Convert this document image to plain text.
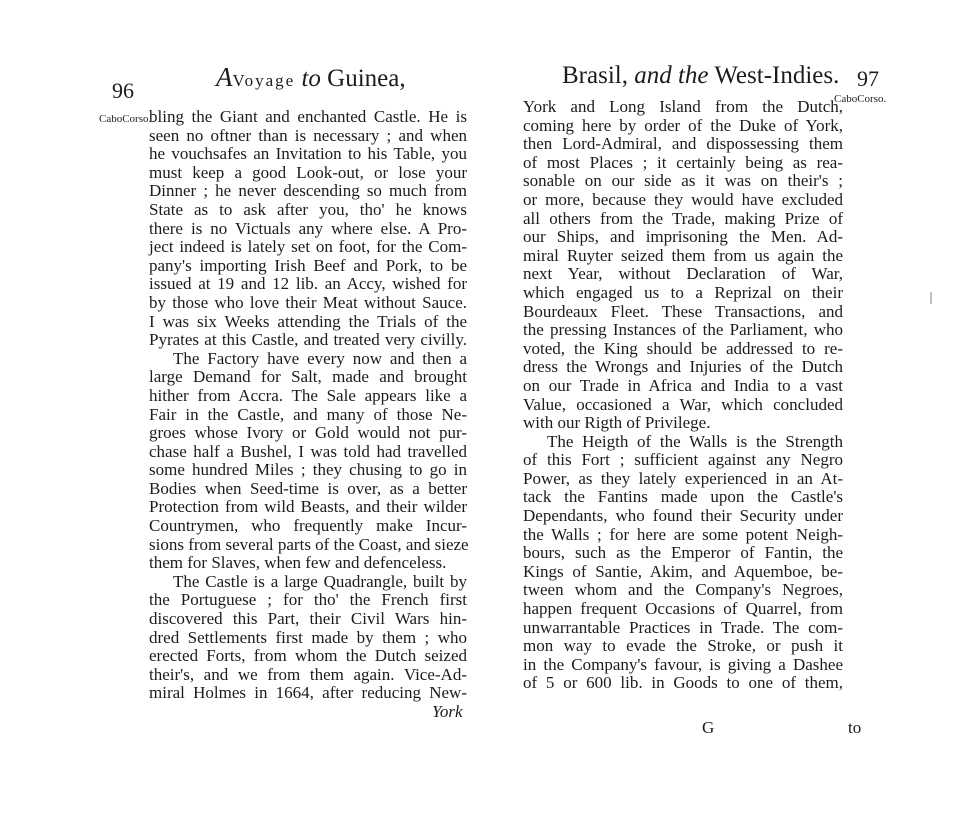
96	AVoyage to Guinea,
CaboCorso.
bling the Giant and enchanted Castle. He is
seen no oftner than is necessary ; and when
he vouchsafes an Invitation to his Table, you
must keep a good Look-out, or lose your
Dinner ; he never descending so much from
State as to ask after you, tho' he knows
there is no Victuals any where else. A Pro-
ject indeed is lately set on foot, for the Com-
pany's importing Irish Beef and Pork, to be
issued at 19 and 12 lib. an Accy, wished for
by those who love their Meat without Sauce.
I was six Weeks attending the Trials of the
Pyrates at this Castle, and treated very civilly.
The Factory have every now and then a
large Demand for Salt, made and brought
hither from Accra. The Sale appears like a
Fair in the Castle, and many of those Ne-
groes whose Ivory or Gold would not pur-
chase half a Bushel, I was told had travelled
some hundred Miles ; they chusing to go in
Bodies when Seed-time is over, as a better
Protection from wild Beasts, and their wilder
Countrymen, who frequently make Incur-
sions from several parts of the Coast, and sieze
them for Slaves, when few and defenceless.
The Castle is a large Quadrangle, built by
the Portuguese ; for tho' the French first
discovered this Part, their Civil Wars hin-
dred Settlements first made by them ; who
erected Forts, from whom the Dutch seized
their's, and we from them again. Vice-Ad-
miral Holmes in 1664, after reducing New-
York
Brasil, and the West-Indies. 97
CaboCorso.
York and Long Island from the Dutch,
coming here by order of the Duke of York,
then Lord-Admiral, and dispossessing them
of most Places ; it certainly being as rea-
sonable on our side as it was on their's ;
or more, because they would have excluded
all others from the Trade, making Prize of
our Ships, and imprisoning the Men. Ad-
miral Ruyter seized them from us again the
next Year, without Declaration of War,
which engaged us to a Reprizal on their
Bourdeaux Fleet. These Transactions, and
the pressing Instances of the Parliament, who
voted, the King should be addressed to re-
dress the Wrongs and Injuries of the Dutch
on our Trade in Africa and India to a vast
Value, occasioned a War, which concluded
with our Rigth of Privilege.
The Heigth of the Walls is the Strength
of this Fort ; sufficient against any Negro
Power, as they lately experienced in an At-
tack the Fantins made upon the Castle's
Dependants, who found their Security under
the Walls ; for here are some potent Neigh-
bours, such as the Emperor of Fantin, the
Kings of Santie, Akim, and Aquemboe, be-
tween whom and the Company's Negroes,
happen frequent Occasions of Quarrel, from
unwarrantable Practices in Trade. The com-
mon way to evade the Stroke, or push it
in the Company's favour, is giving a Dashee
of 5 or 600 lib. in Goods to one of them,
G	to
